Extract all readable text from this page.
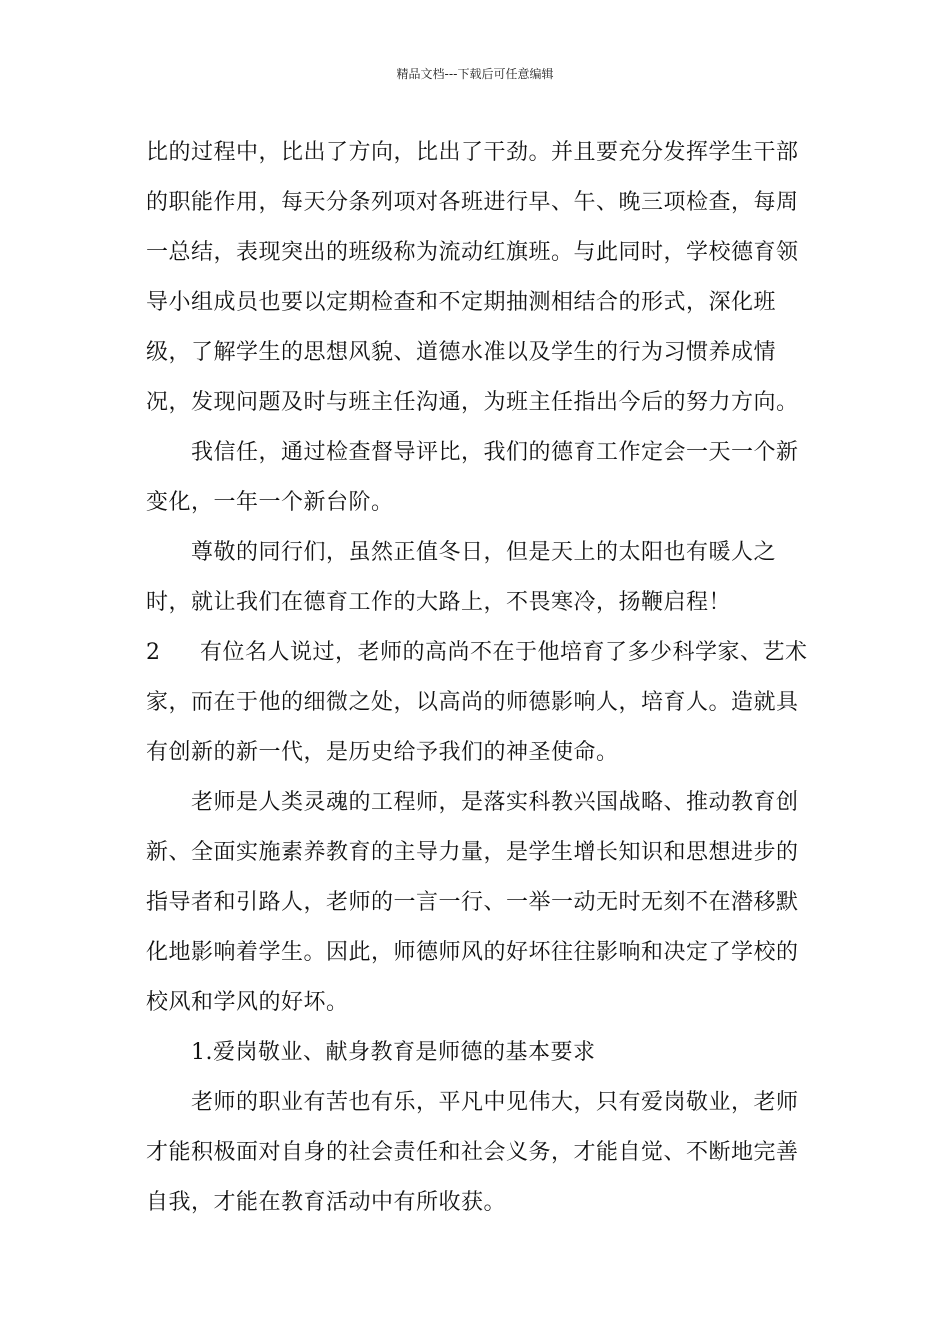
精品文档---下载后可任意编辑

比的过程中，比出了方向，比出了干劲。并且要充分发挥学生干部的职能作用，每天分条列项对各班进行早、午、晚三项检查，每周一总结，表现突出的班级称为流动红旗班。与此同时，学校德育领导小组成员也要以定期检查和不定期抽测相结合的形式，深化班级，了解学生的思想风貌、道德水准以及学生的行为习惯养成情况，发现问题及时与班主任沟通，为班主任指出今后的努力方向。

我信任，通过检查督导评比，我们的德育工作定会一天一个新变化，一年一个新台阶。

尊敬的同行们，虽然正值冬日，但是天上的太阳也有暖人之时，就让我们在德育工作的大路上，不畏寒冷，扬鞭启程！

2 有位名人说过，老师的高尚不在于他培育了多少科学家、艺术家，而在于他的细微之处，以高尚的师德影响人，培育人。造就具有创新的新一代，是历史给予我们的神圣使命。

老师是人类灵魂的工程师，是落实科教兴国战略、推动教育创新、全面实施素养教育的主导力量，是学生增长知识和思想进步的指导者和引路人，老师的一言一行、一举一动无时无刻不在潜移默化地影响着学生。因此，师德师风的好坏往往影响和决定了学校的校风和学风的好坏。

1.爱岗敬业、献身教育是师德的基本要求

老师的职业有苦也有乐，平凡中见伟大，只有爱岗敬业，老师才能积极面对自身的社会责任和社会义务，才能自觉、不断地完善自我，才能在教育活动中有所收获。
